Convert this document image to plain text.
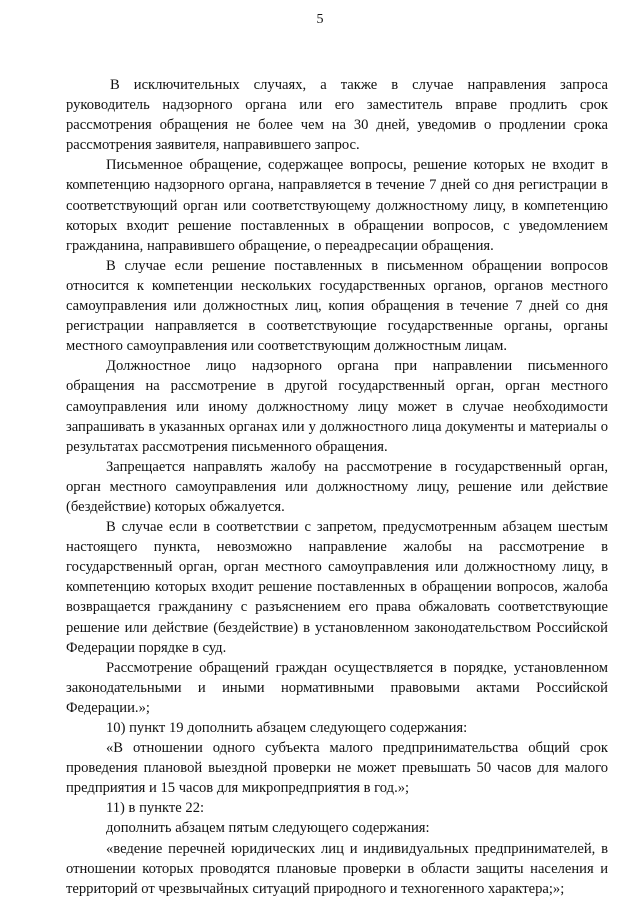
5

В исключительных случаях, а также в случае направления запроса руководитель надзорного органа или его заместитель вправе продлить срок рассмотрения обращения не более чем на 30 дней, уведомив о продлении срока рассмотрения заявителя, направившего запрос.

Письменное обращение, содержащее вопросы, решение которых не входит в компетенцию надзорного органа, направляется в течение 7 дней со дня регистрации в соответствующий орган или соответствующему должностному лицу, в компетенцию которых входит решение поставленных в обращении вопросов, с уведомлением гражданина, направившего обращение, о переадресации обращения.

В случае если решение поставленных в письменном обращении вопросов относится к компетенции нескольких государственных органов, органов местного самоуправления или должностных лиц, копия обращения в течение 7 дней со дня регистрации направляется в соответствующие государственные органы, органы местного самоуправления или соответствующим должностным лицам.

Должностное лицо надзорного органа при направлении письменного обращения на рассмотрение в другой государственный орган, орган местного самоуправления или иному должностному лицу может в случае необходимости запрашивать в указанных органах или у должностного лица документы и материалы о результатах рассмотрения письменного обращения.

Запрещается направлять жалобу на рассмотрение в государственный орган, орган местного самоуправления или должностному лицу, решение или действие (бездействие) которых обжалуется.

В случае если в соответствии с запретом, предусмотренным абзацем шестым настоящего пункта, невозможно направление жалобы на рассмотрение в государственный орган, орган местного самоуправления или должностному лицу, в компетенцию которых входит решение поставленных в обращении вопросов, жалоба возвращается гражданину с разъяснением его права обжаловать соответствующие решение или действие (бездействие) в установленном законодательством Российской Федерации порядке в суд.

Рассмотрение обращений граждан осуществляется в порядке, установленном законодательными и иными нормативными правовыми актами Российской Федерации.»;

10) пункт 19 дополнить абзацем следующего содержания:

«В отношении одного субъекта малого предпринимательства общий срок проведения плановой выездной проверки не может превышать 50 часов для малого предприятия и 15 часов для микропредприятия в год.»;

11) в пункте 22:

дополнить абзацем пятым следующего содержания:

«ведение перечней юридических лиц и индивидуальных предпринимателей, в отношении которых проводятся плановые проверки в области защиты населения и территорий от чрезвычайных ситуаций природного и техногенного характера;»;
